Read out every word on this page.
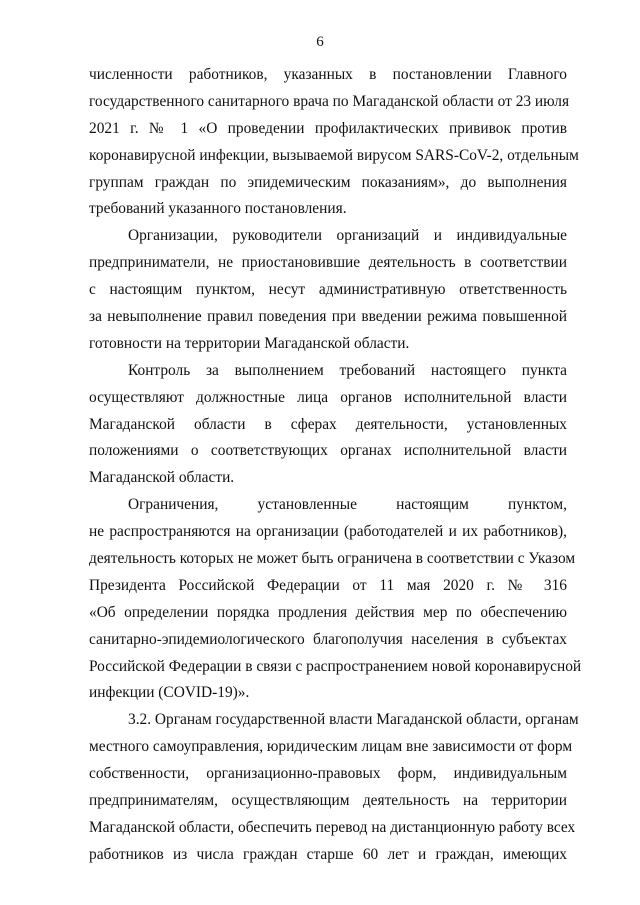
6
численности работников, указанных в постановлении Главного
государственного санитарного врача по Магаданской области от 23 июля
2021 г. № 1 «О проведении профилактических прививок против
коронавирусной инфекции, вызываемой вирусом SARS-CoV-2, отдельным
группам граждан по эпидемическим показаниям», до выполнения
требований указанного постановления.
Организации, руководители организаций и индивидуальные
предприниматели, не приостановившие деятельность в соответствии
с настоящим пунктом, несут административную ответственность
за невыполнение правил поведения при введении режима повышенной
готовности на территории Магаданской области.
Контроль за выполнением требований настоящего пункта
осуществляют должностные лица органов исполнительной власти
Магаданской области в сферах деятельности, установленных
положениями о соответствующих органах исполнительной власти
Магаданской области.
Ограничения, установленные настоящим пунктом,
не распространяются на организации (работодателей и их работников),
деятельность которых не может быть ограничена в соответствии с Указом
Президента Российской Федерации от 11 мая 2020 г. № 316
«Об определении порядка продления действия мер по обеспечению
санитарно-эпидемиологического благополучия населения в субъектах
Российской Федерации в связи с распространением новой коронавирусной
инфекции (COVID-19)».
3.2. Органам государственной власти Магаданской области, органам
местного самоуправления, юридическим лицам вне зависимости от форм
собственности, организационно-правовых форм, индивидуальным
предпринимателям, осуществляющим деятельность на территории
Магаданской области, обеспечить перевод на дистанционную работу всех
работников из числа граждан старше 60 лет и граждан, имеющих
